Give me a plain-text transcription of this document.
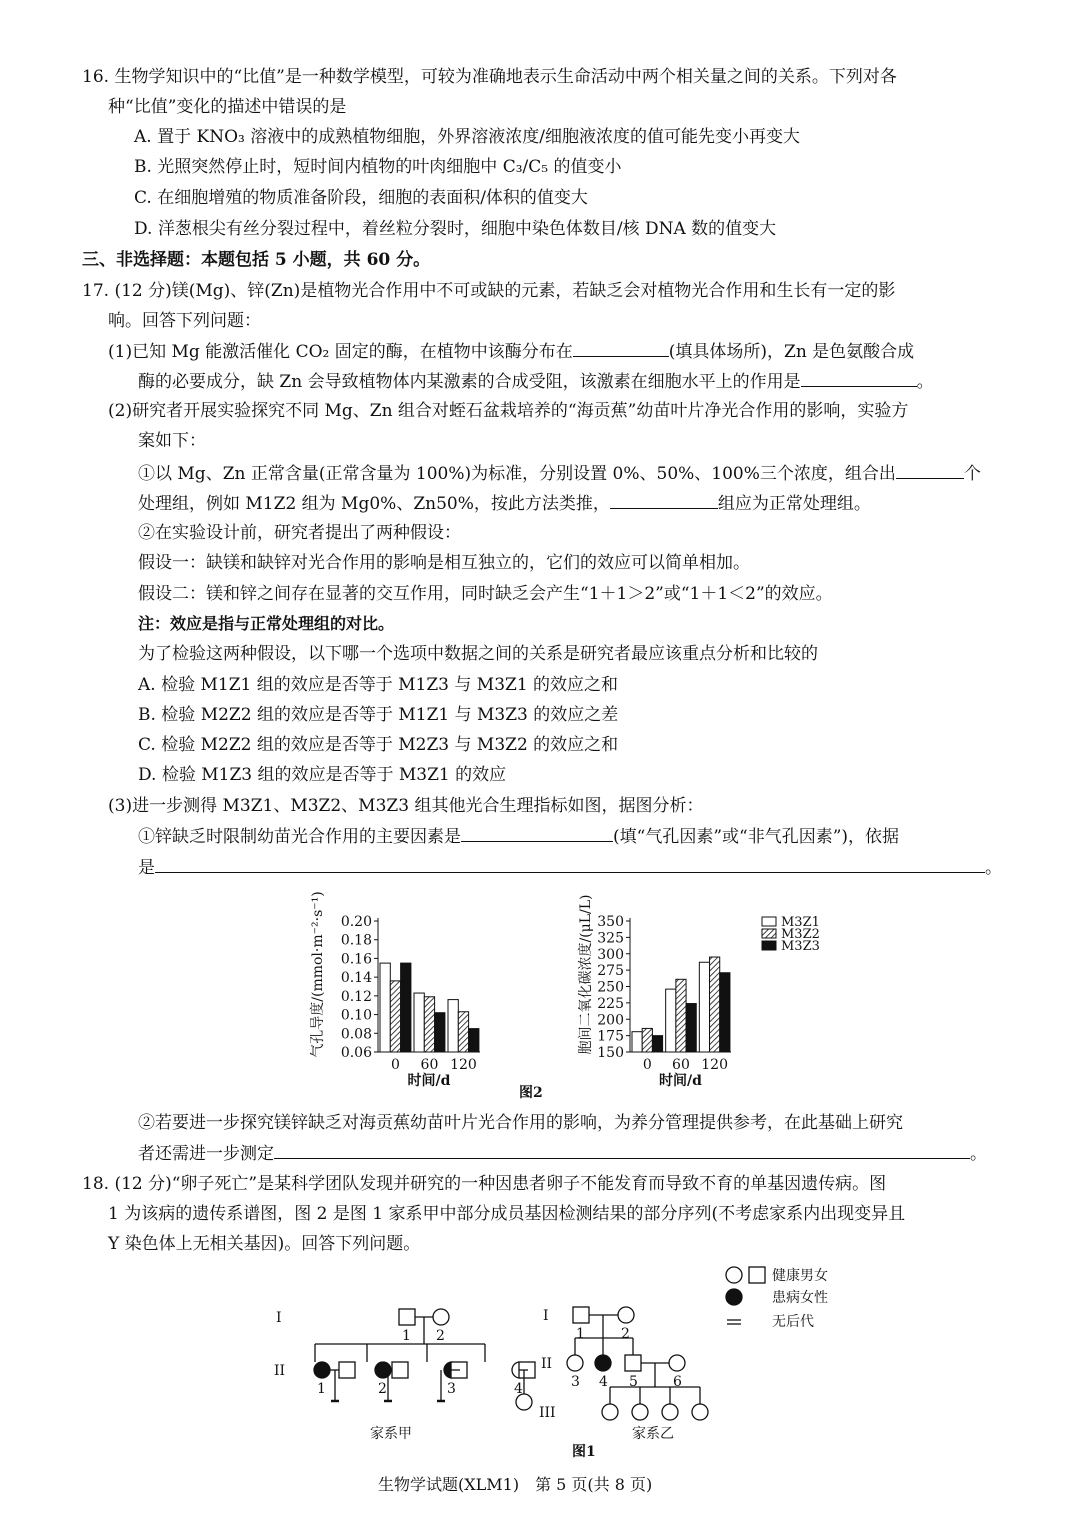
16. 生物学知识中的“比值”是一种数学模型，可较为准确地表示生命活动中两个相关量之间的关系。下列对各
种“比值”变化的描述中错误的是
A. 置于 KNO₃ 溶液中的成熟植物细胞，外界溶液浓度/细胞液浓度的值可能先变小再变大
B. 光照突然停止时，短时间内植物的叶肉细胞中 C₃/C₅ 的值变小
C. 在细胞增殖的物质准备阶段，细胞的表面积/体积的值变大
D. 洋葱根尖有丝分裂过程中，着丝粒分裂时，细胞中染色体数目/核 DNA 数的值变大
三、非选择题：本题包括 5 小题，共 60 分。
17. (12 分)镁(Mg)、锌(Zn)是植物光合作用中不可或缺的元素，若缺乏会对植物光合作用和生长有一定的影
响。回答下列问题：
(1)已知 Mg 能激活催化 CO₂ 固定的酶，在植物中该酶分布在	(填具体场所)，Zn 是色氨酸合成
酶的必要成分，缺 Zn 会导致植物体内某激素的合成受阻，该激素在细胞水平上的作用是	。
(2)研究者开展实验探究不同 Mg、Zn 组合对蛭石盆栽培养的“海贡蕉”幼苗叶片净光合作用的影响，实验方
案如下：
①以 Mg、Zn 正常含量(正常含量为 100%)为标准，分别设置 0%、50%、100%三个浓度，组合出	个
处理组，例如 M1Z2 组为 Mg0%、Zn50%，按此方法类推，	组应为正常处理组。
②在实验设计前，研究者提出了两种假设：
假设一：缺镁和缺锌对光合作用的影响是相互独立的，它们的效应可以简单相加。
假设二：镁和锌之间存在显著的交互作用，同时缺乏会产生“1＋1＞2”或“1＋1＜2”的效应。
注：效应是指与正常处理组的对比。
为了检验这两种假设，以下哪一个选项中数据之间的关系是研究者最应该重点分析和比较的
A. 检验 M1Z1 组的效应是否等于 M1Z3 与 M3Z1 的效应之和
B. 检验 M2Z2 组的效应是否等于 M1Z1 与 M3Z3 的效应之差
C. 检验 M2Z2 组的效应是否等于 M2Z3 与 M3Z2 的效应之和
D. 检验 M1Z3 组的效应是否等于 M3Z1 的效应
(3)进一步测得 M3Z1、M3Z2、M3Z3 组其他光合生理指标如图，据图分析：
①锌缺乏时限制幼苗光合作用的主要因素是	(填“气孔因素”或“非气孔因素”)，依据
是	。
0.20
0.18
0.16
0.14
0.12
0.10
0.08
0.06
0 60 120
时间/d
气孔导度/(mmol·m⁻²·s⁻¹)	350
325
300
275
250
225
200
175
150
0 60 120
时间/d
胞间二氧化碳浓度/(μL/L)	M3Z1
M3Z2
M3Z3
图2
②若要进一步探究镁锌缺乏对海贡蕉幼苗叶片光合作用的影响，为养分管理提供参考，在此基础上研究
者还需进一步测定	。
18. (12 分)“卵子死亡”是某科学团队发现并研究的一种因患者卵子不能发育而导致不育的单基因遗传病。图
1 为该病的遗传系谱图，图 2 是图 1 家系甲中部分成员基因检测结果的部分序列(不考虑家系内出现变异且
Y 染色体上无相关基因)。回答下列问题。
健康男女
患病女性
无后代
I
II
I
II
III
1 2
1	2	3	4
1	2
3 4 5	6
家系甲	家系乙
图1
生物学试题(XLM1)　第 5 页(共 8 页)
